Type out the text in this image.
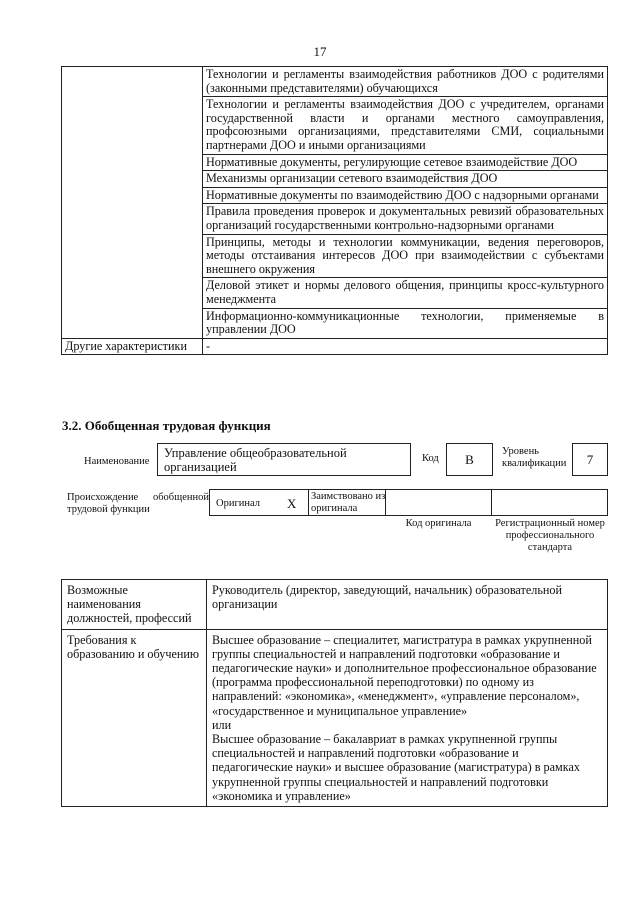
17
	Технологии и регламенты взаимодействия работников ДОО с родителями (законными представителями) обучающихся
	Технологии и регламенты взаимодействия ДОО с учредителем, органами государственной власти и органами местного самоуправления, профсоюзными организациями, представителями СМИ, социальными партнерами ДОО и иными организациями
	Нормативные документы, регулирующие сетевое взаимодействие ДОО
	Механизмы организации сетевого взаимодействия ДОО
	Нормативные документы по взаимодействию ДОО с надзорными органами
	Правила проведения проверок и документальных ревизий образовательных организаций государственными контрольно-надзорными органами
	Принципы, методы и технологии коммуникации, ведения переговоров, методы отстаивания интересов ДОО при взаимодействии с субъектами внешнего окружения
	Деловой этикет и нормы делового общения, принципы кросс-культурного менеджмента
	Информационно-коммуникационные технологии, применяемые в управлении ДОО
Другие характеристики	-
3.2. Обобщенная трудовая функция
Наименование
Управление общеобразовательной организацией
Код	В	Уровень квалификации	7
Происхождение обобщенной трудовой функции
Оригинал Х Заимствовано из оригинала
Код оригинала	Регистрационный номер профессионального стандарта
Возможные наименования должностей, профессий	Руководитель (директор, заведующий, начальник) образовательной организации
Требования к образованию и обучению	Высшее образование – специалитет, магистратура в рамках укрупненной группы специальностей и направлений подготовки «образование и педагогические науки» и дополнительное профессиональное образование (программа профессиональной переподготовки) по одному из направлений: «экономика», «менеджмент», «управление персоналом», «государственное и муниципальное управление»
или
Высшее образование – бакалавриат в рамках укрупненной группы специальностей и направлений подготовки «образование и педагогические науки» и высшее образование (магистратура) в рамках укрупненной группы специальностей и направлений подготовки «экономика и управление»
